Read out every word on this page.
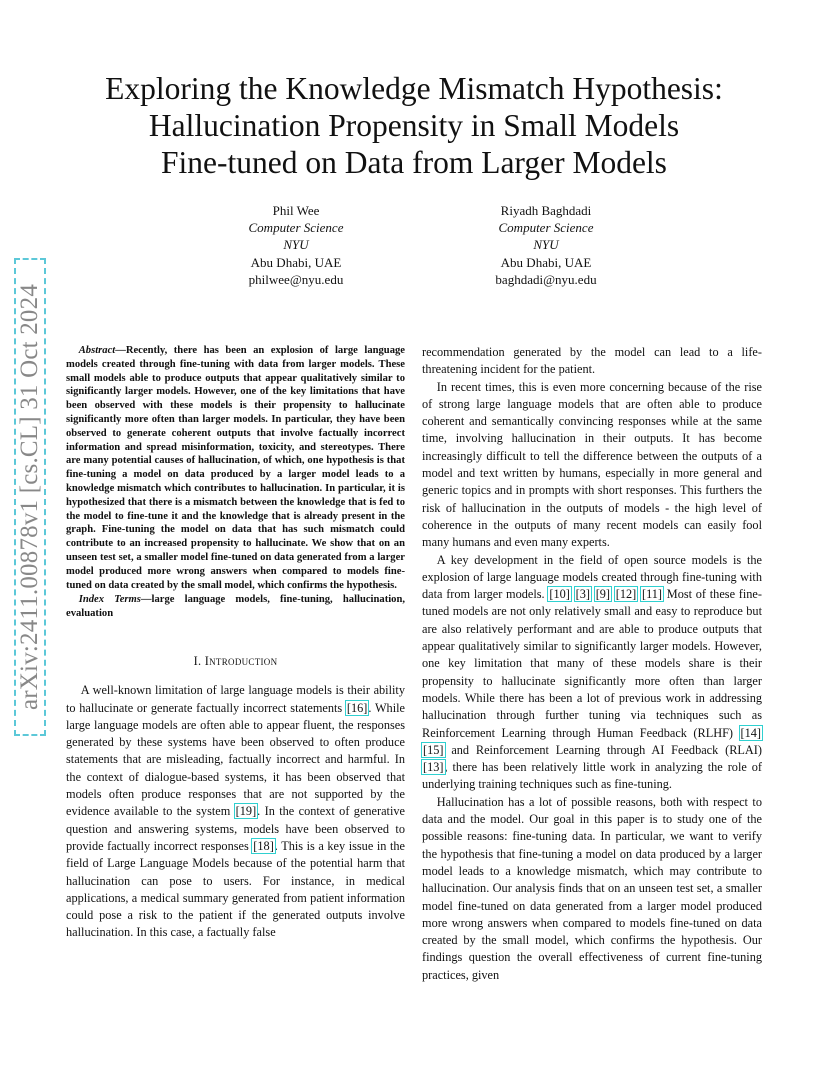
arXiv:2411.00878v1 [cs.CL] 31 Oct 2024
Exploring the Knowledge Mismatch Hypothesis:
Hallucination Propensity in Small Models
Fine-tuned on Data from Larger Models
Phil Wee
Computer Science
NYU
Abu Dhabi, UAE
philwee@nyu.edu
Riyadh Baghdadi
Computer Science
NYU
Abu Dhabi, UAE
baghdadi@nyu.edu

Abstract—Recently, there has been an explosion of large language models created through fine-tuning with data from larger models. These small models able to produce outputs that appear qualitatively similar to significantly larger models. However, one of the key limitations that have been observed with these models is their propensity to hallucinate significantly more often than larger models. In particular, they have been observed to generate coherent outputs that involve factually incorrect information and spread misinformation, toxicity, and stereotypes. There are many potential causes of hallucination, of which, one hypothesis is that fine-tuning a model on data produced by a larger model leads to a knowledge mismatch which contributes to hallucination. In particular, it is hypothesized that there is a mismatch between the knowledge that is fed to the model to fine-tune it and the knowledge that is already present in the graph. Fine-tuning the model on data that has such mismatch could contribute to an increased propensity to hallucinate. We show that on an unseen test set, a smaller model fine-tuned on data generated from a larger model produced more wrong answers when compared to models fine-tuned on data created by the small model, which confirms the hypothesis.

Index Terms—large language models, fine-tuning, hallucination, evaluation

I. Introduction

A well-known limitation of large language models is their ability to hallucinate or generate factually incorrect statements [16]. While large language models are often able to appear fluent, the responses generated by these systems have been observed to often produce statements that are misleading, factually incorrect and harmful. In the context of dialogue-based systems, it has been observed that models often produce responses that are not supported by the evidence available to the system [19]. In the context of generative question and answering systems, models have been observed to provide factually incorrect responses [18]. This is a key issue in the field of Large Language Models because of the potential harm that hallucination can pose to users. For instance, in medical applications, a medical summary generated from patient information could pose a risk to the patient if the generated outputs involve hallucination. In this case, a factually false

recommendation generated by the model can lead to a life-threatening incident for the patient.

In recent times, this is even more concerning because of the rise of strong large language models that are often able to produce coherent and semantically convincing responses while at the same time, involving hallucination in their outputs. It has become increasingly difficult to tell the difference between the outputs of a model and text written by humans, especially in more general and generic topics and in prompts with short responses. This furthers the risk of hallucination in the outputs of models - the high level of coherence in the outputs of many recent models can easily fool many humans and even many experts.

A key development in the field of open source models is the explosion of large language models created through fine-tuning with data from larger models. [10] [3] [9] [12] [11] Most of these fine-tuned models are not only relatively small and easy to reproduce but are also relatively performant and are able to produce outputs that appear qualitatively similar to significantly larger models. However, one key limitation that many of these models share is their propensity to hallucinate significantly more often than larger models. While there has been a lot of previous work in addressing hallucination through further tuning via techniques such as Reinforcement Learning through Human Feedback (RLHF) [14] [15] and Reinforcement Learning through AI Feedback (RLAI) [13], there has been relatively little work in analyzing the role of underlying training techniques such as fine-tuning.

Hallucination has a lot of possible reasons, both with respect to data and the model. Our goal in this paper is to study one of the possible reasons: fine-tuning data. In particular, we want to verify the hypothesis that fine-tuning a model on data produced by a larger model leads to a knowledge mismatch, which may contribute to hallucination. Our analysis finds that on an unseen test set, a smaller model fine-tuned on data generated from a larger model produced more wrong answers when compared to models fine-tuned on data created by the small model, which confirms the hypothesis. Our findings question the overall effectiveness of current fine-tuning practices, given
